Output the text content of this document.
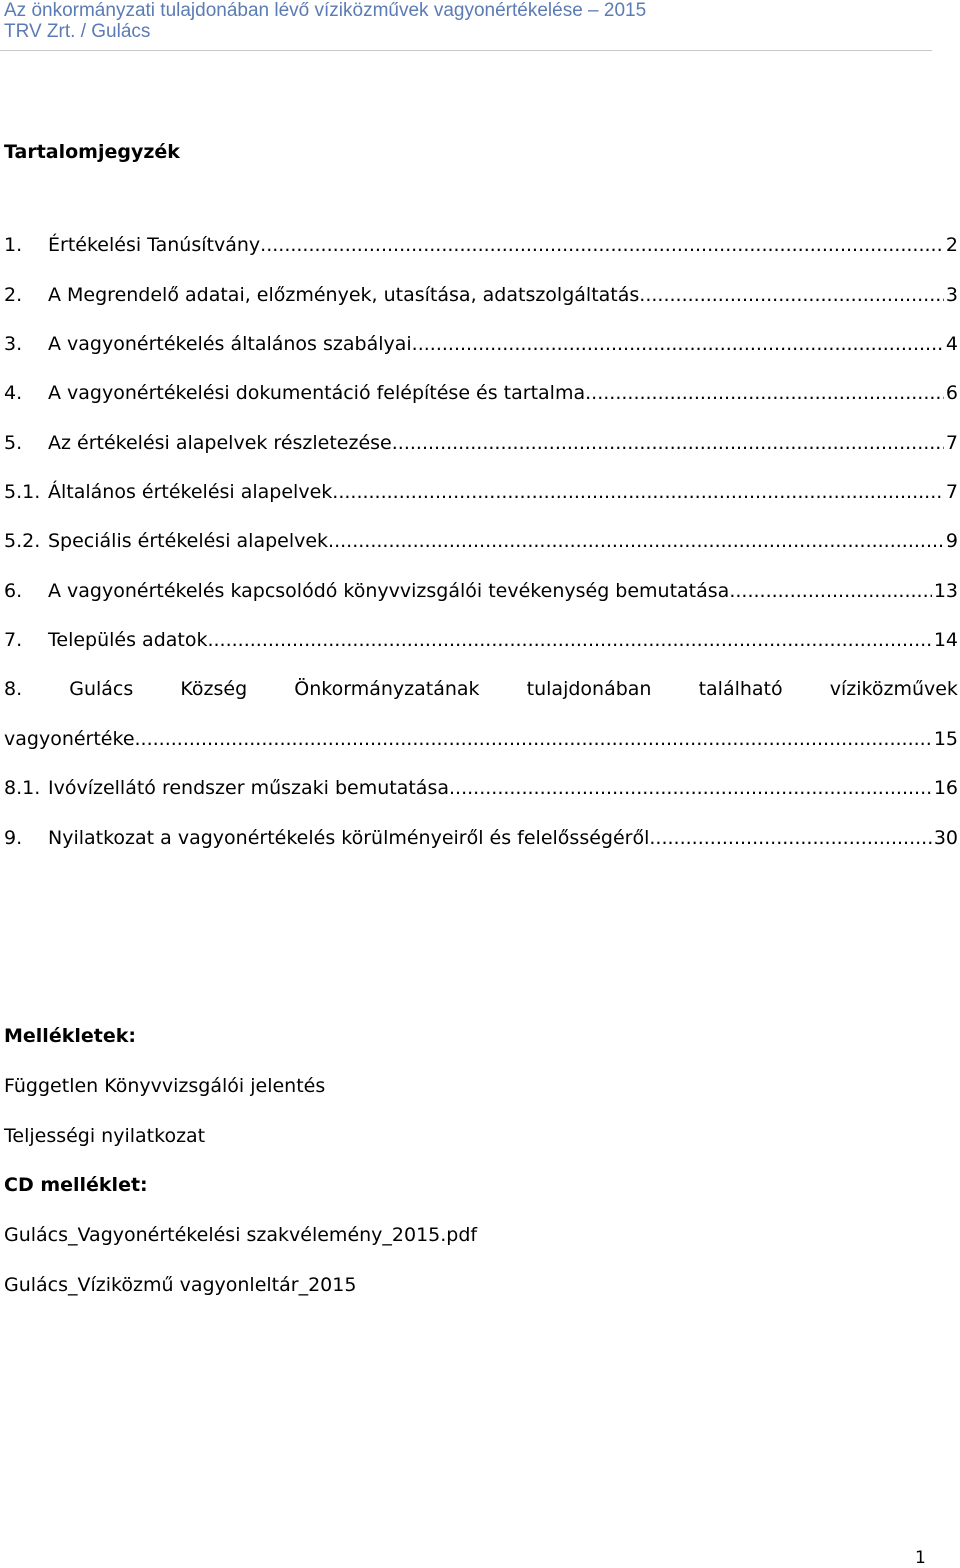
Az önkormányzati tulajdonában lévő víziközművek vagyonértékelése – 2015
TRV Zrt. / Gulács
Tartalomjegyzék
1.	Értékelési Tanúsítvány .....	2
2.	A Megrendelő adatai, előzmények, utasítása, adatszolgáltatás .....	3
3.	A vagyonértékelés általános szabályai .....	4
4.	A vagyonértékelési dokumentáció felépítése és tartalma .....	6
5.	Az értékelési alapelvek részletezése .....	7
5.1. Általános értékelési alapelvek .....	7
5.2. Speciális értékelési alapelvek .....	9
6.	A vagyonértékelés kapcsolódó könyvvizsgálói tevékenység bemutatása .....	13
7.	Település adatok .....	14
8. Gulács Község Önkormányzatának tulajdonában található víziközművek
vagyonértéke .....	15
8.1. Ivóvízellátó rendszer műszaki bemutatása .....	16
9.	Nyilatkozat a vagyonértékelés körülményeiről és felelősségéről .....	30
Mellékletek:
Független Könyvvizsgálói jelentés
Teljességi nyilatkozat
CD melléklet:
Gulács_Vagyonértékelési szakvélemény_2015.pdf
Gulács_Víziközmű vagyonleltár_2015
1
